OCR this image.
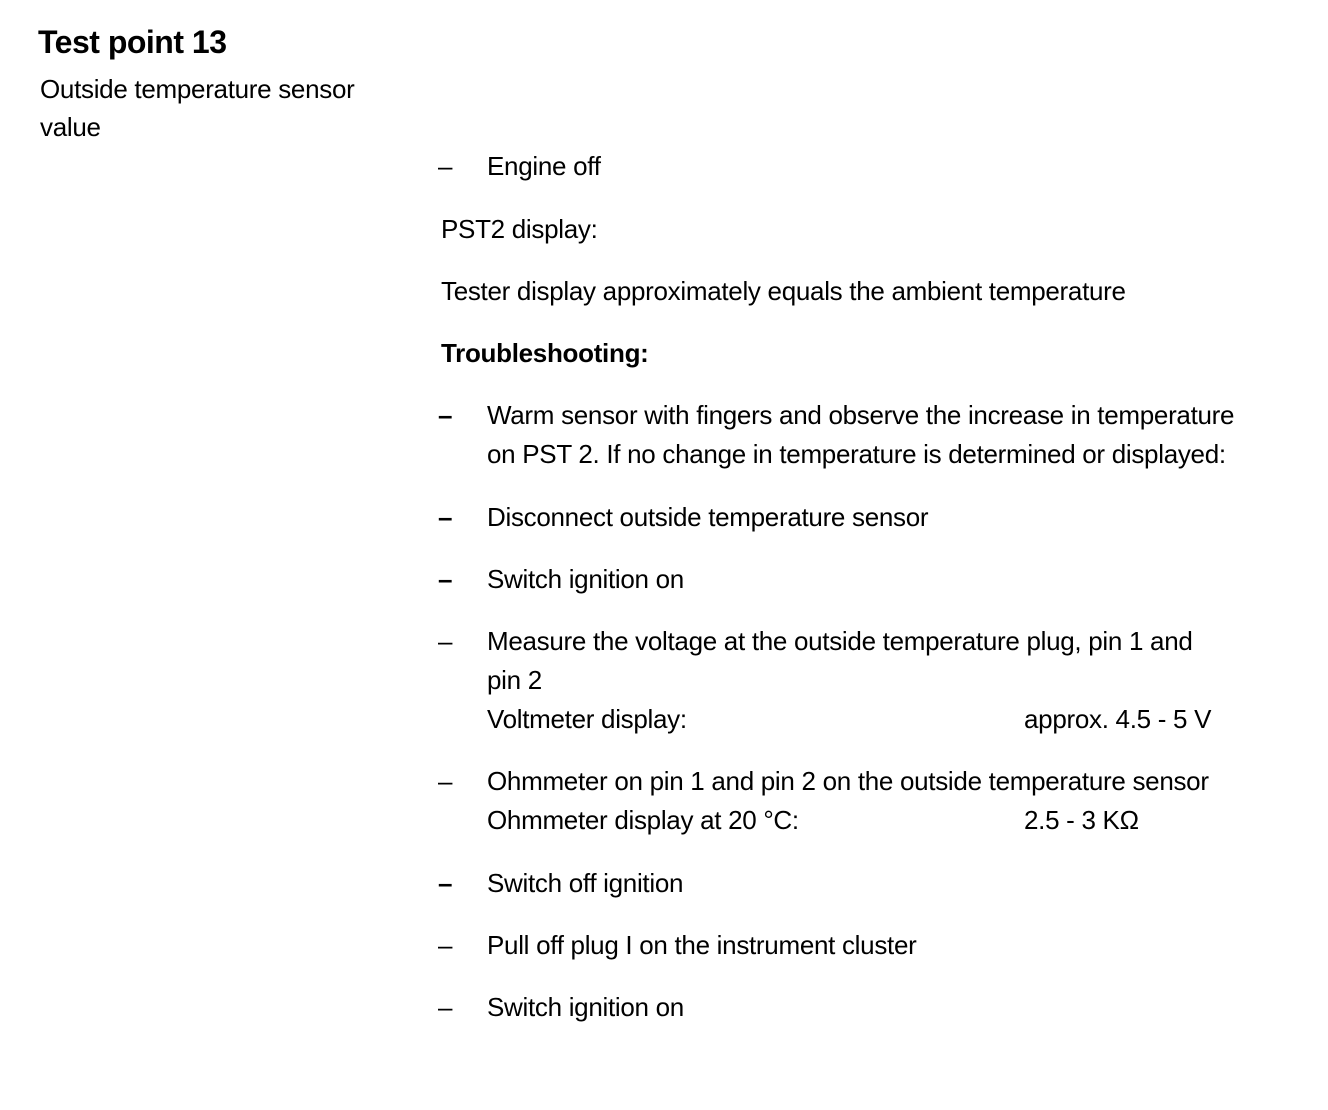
Test point 13
Outside temperature sensor value
– Engine off
PST2 display:
Tester display approximately equals the ambient temperature
Troubleshooting:
– Warm sensor with fingers and observe the increase in temperature
on PST 2. If no change in temperature is determined or displayed:
– Disconnect outside temperature sensor
– Switch ignition on
– Measure the voltage at the outside temperature plug, pin 1 and
pin 2
Voltmeter display:	approx. 4.5 - 5 V
– Ohmmeter on pin 1 and pin 2 on the outside temperature sensor
Ohmmeter display at 20 °C:	2.5 - 3 KΩ
– Switch off ignition
– Pull off plug I on the instrument cluster
– Switch ignition on
